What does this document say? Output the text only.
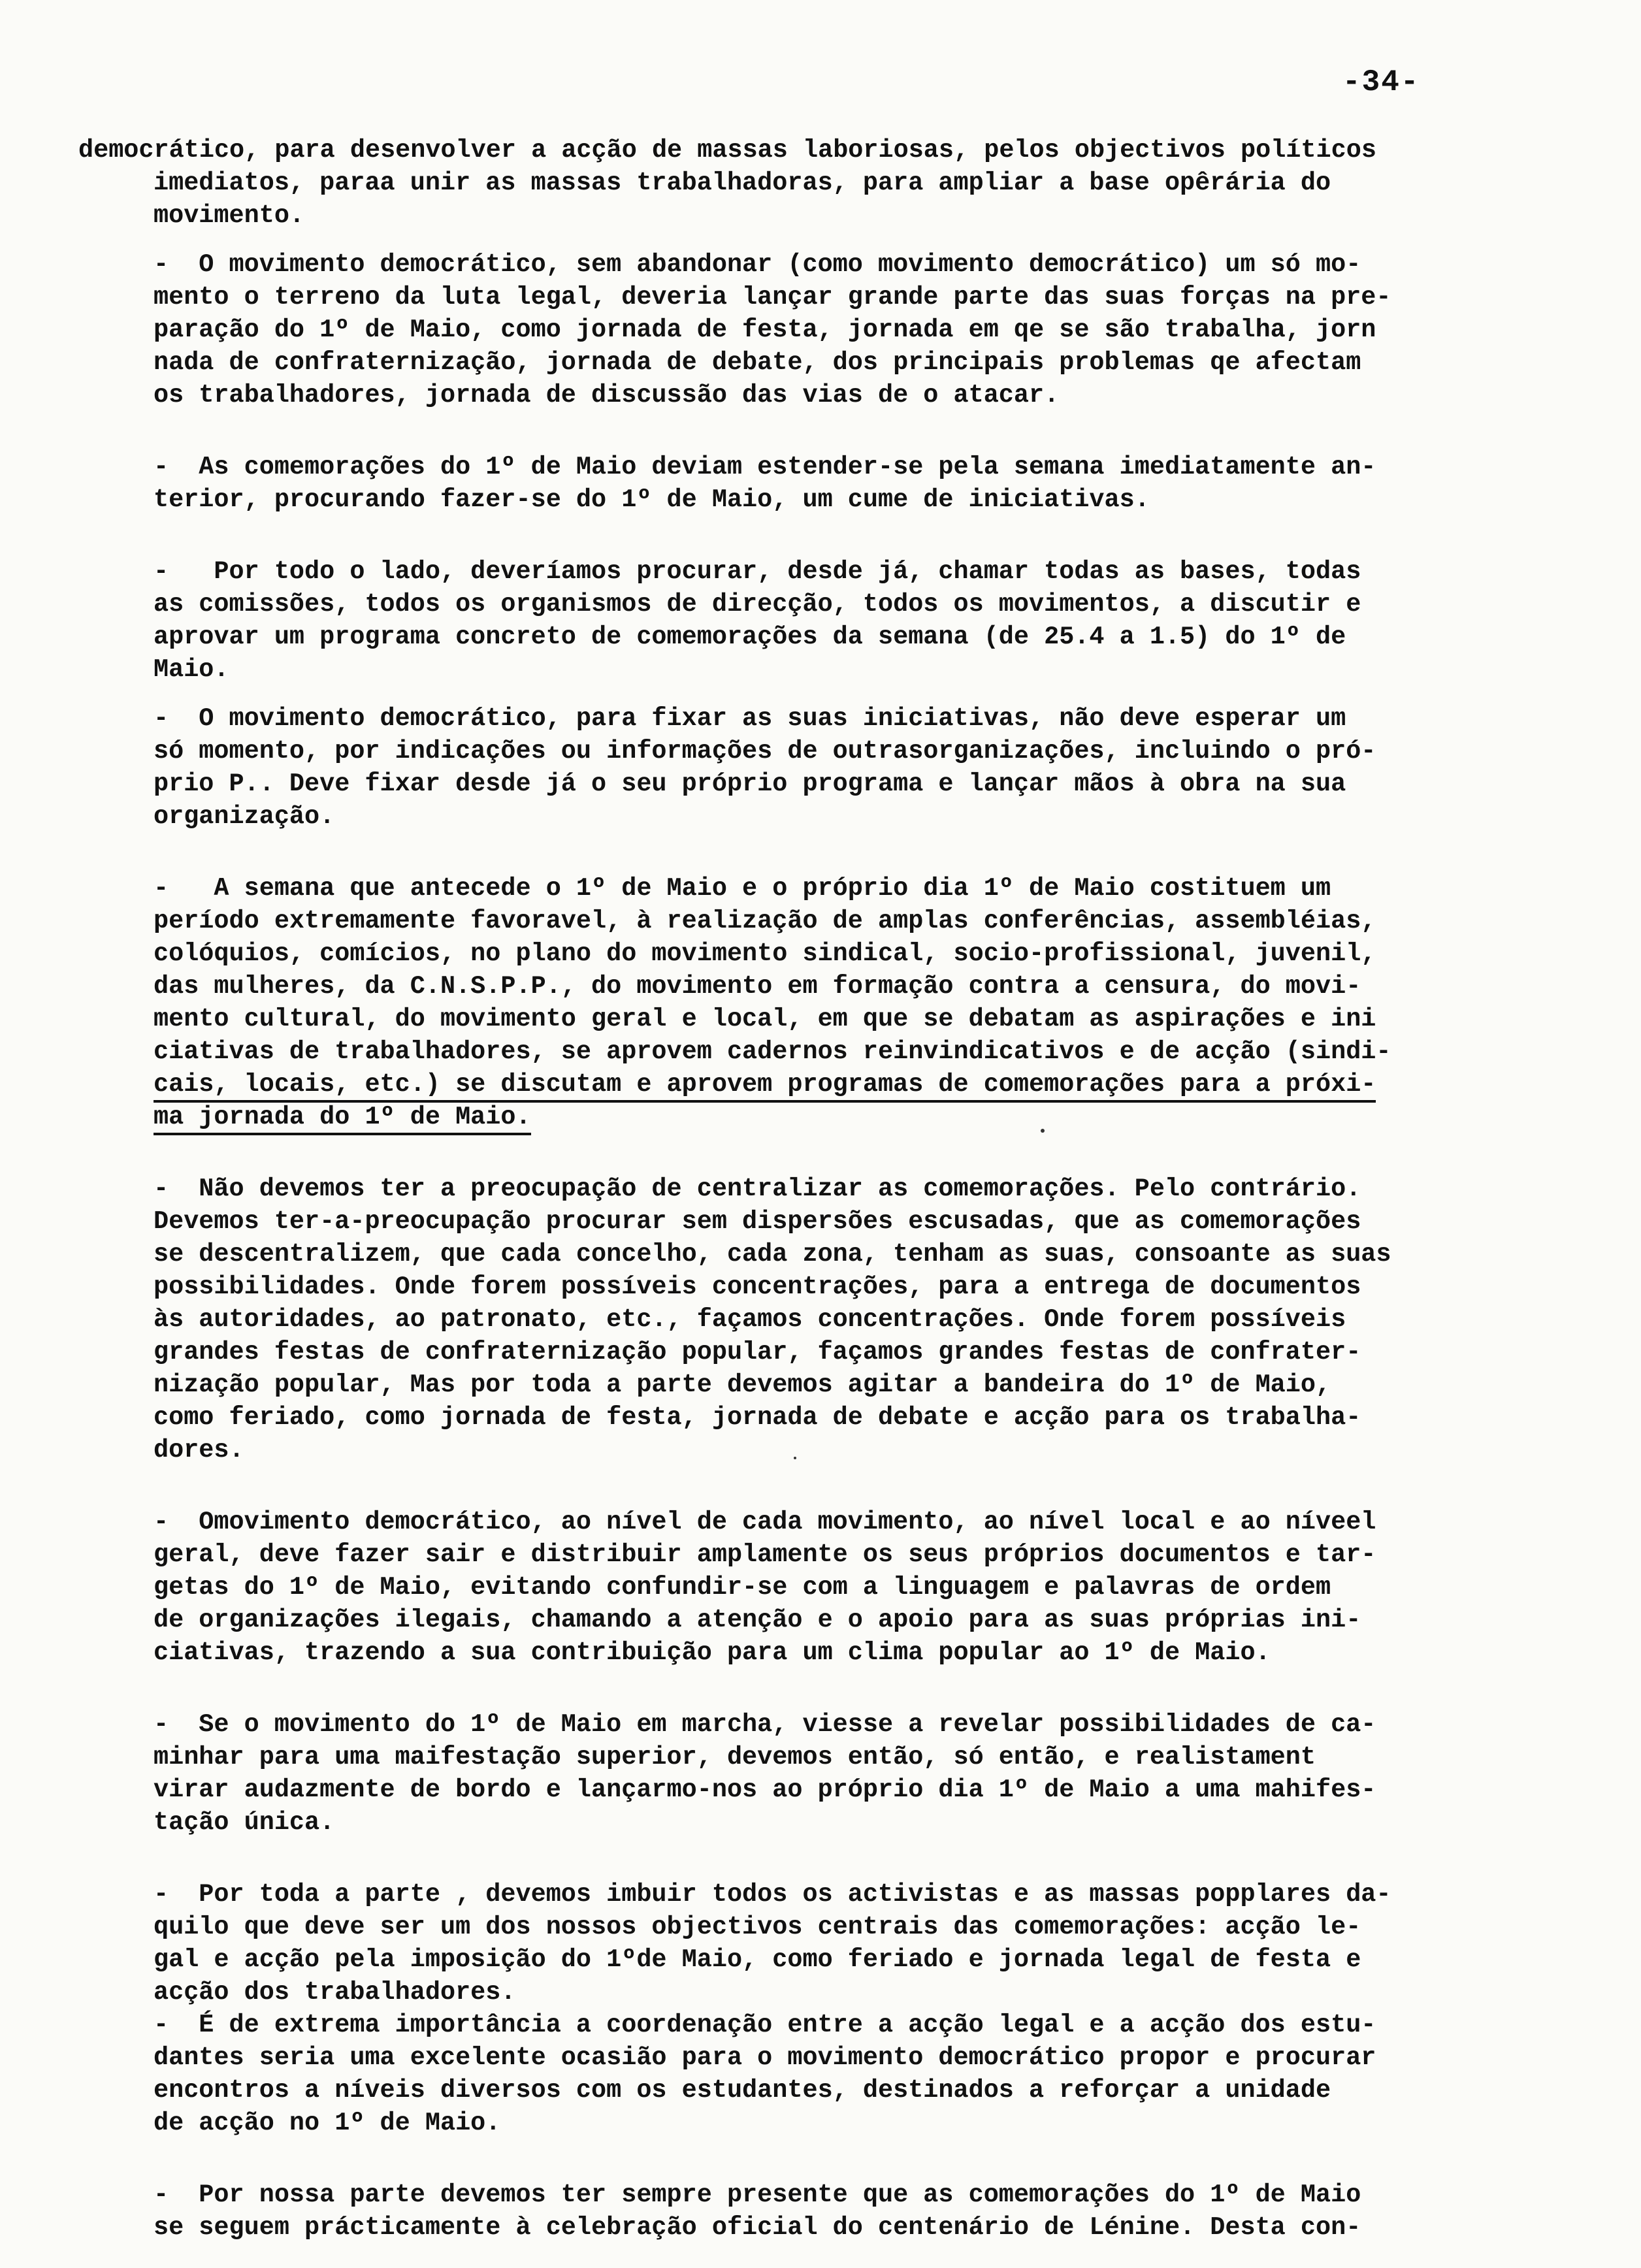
-34-
democrático, para desenvolver a acção de massas laboriosas, pelos objectivos políticos
imediatos, paraa unir as massas trabalhadoras, para ampliar a base opêrária do
movimento.
-  O movimento democrático, sem abandonar (como movimento democrático) um só mo-
mento o terreno da luta legal, deveria lançar grande parte das suas forças na pre-
paração do 1º de Maio, como jornada de festa, jornada em qe se são trabalha, jorn
nada de confraternização, jornada de debate, dos principais problemas qe afectam
os trabalhadores, jornada de discussão das vias de o atacar.
-  As comemorações do 1º de Maio deviam estender-se pela semana imediatamente an-
terior, procurando fazer-se do 1º de Maio, um cume de iniciativas.
-   Por todo o lado, deveríamos procurar, desde já, chamar todas as bases, todas
as comissões, todos os organismos de direcção, todos os movimentos, a discutir e
aprovar um programa concreto de comemorações da semana (de 25.4 a 1.5) do 1º de
Maio.
-  O movimento democrático, para fixar as suas iniciativas, não deve esperar um
só momento, por indicações ou informações de outrasorganizações, incluindo o pró-
prio P.. Deve fixar desde já o seu próprio programa e lançar mãos à obra na sua
organização.
-   A semana que antecede o 1º de Maio e o próprio dia 1º de Maio costituem um
período extremamente favoravel, à realização de amplas conferências, assembléias,
colóquios, comícios, no plano do movimento sindical, socio-profissional, juvenil,
das mulheres, da C.N.S.P.P., do movimento em formação contra a censura, do movi-
mento cultural, do movimento geral e local, em que se debatam as aspirações e ini
ciativas de trabalhadores, se aprovem cadernos reinvindicativos e de acção (sindi-
cais, locais, etc.) se discutam e aprovem programas de comemorações para a próxi-
ma jornada do 1º de Maio.
-  Não devemos ter a preocupação de centralizar as comemorações. Pelo contrário.
Devemos ter-a-preocupação procurar sem dispersões escusadas, que as comemorações
se descentralizem, que cada concelho, cada zona, tenham as suas, consoante as suas
possibilidades. Onde forem possíveis concentrações, para a entrega de documentos
às autoridades, ao patronato, etc., façamos concentrações. Onde forem possíveis
grandes festas de confraternização popular, façamos grandes festas de confrater-
nização popular, Mas por toda a parte devemos agitar a bandeira do 1º de Maio,
como feriado, como jornada de festa, jornada de debate e acção para os trabalha-
dores.
-  Omovimento democrático, ao nível de cada movimento, ao nível local e ao níveel
geral, deve fazer sair e distribuir amplamente os seus próprios documentos e tar-
getas do 1º de Maio, evitando confundir-se com a linguagem e palavras de ordem
de organizações ilegais, chamando a atenção e o apoio para as suas próprias ini-
ciativas, trazendo a sua contribuição para um clima popular ao 1º de Maio.
-  Se o movimento do 1º de Maio em marcha, viesse a revelar possibilidades de ca-
minhar para uma maifestação superior, devemos então, só então, e realistament
virar audazmente de bordo e lançarmo-nos ao próprio dia 1º de Maio a uma mahifes-
tação única.
-  Por toda a parte , devemos imbuir todos os activistas e as massas popplares da-
quilo que deve ser um dos nossos objectivos centrais das comemorações: acção le-
gal e acção pela imposição do 1ºde Maio, como feriado e jornada legal de festa e
acção dos trabalhadores.
-  É de extrema importância a coordenação entre a acção legal e a acção dos estu-
dantes seria uma excelente ocasião para o movimento democrático propor e procurar
encontros a níveis diversos com os estudantes, destinados a reforçar a unidade
de acção no 1º de Maio.
-  Por nossa parte devemos ter sempre presente que as comemorações do 1º de Maio
se seguem prácticamente à celebração oficial do centenário de Lénine. Desta con-
